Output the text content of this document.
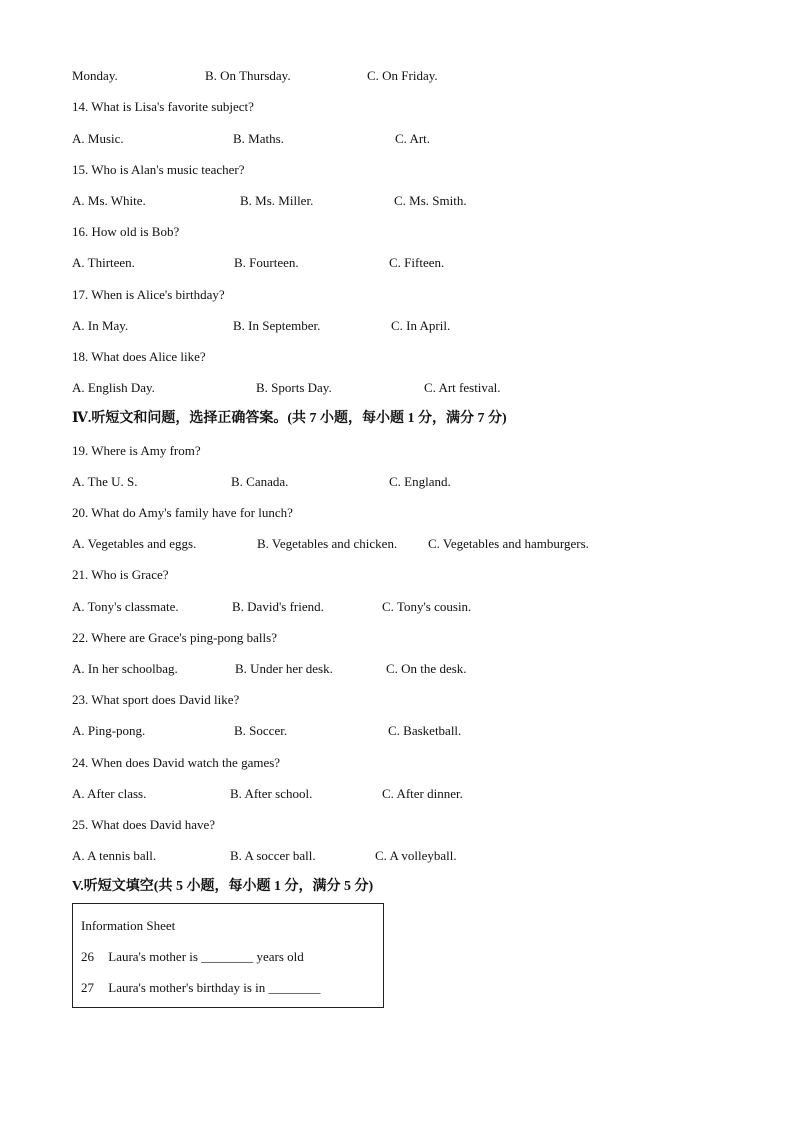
Monday.	B. On Thursday.	C. On Friday.
14. What is Lisa's favorite subject?
A. Music.	B. Maths.	C. Art.
15. Who is Alan's music teacher?
A. Ms. White.	B. Ms. Miller.	C. Ms. Smith.
16. How old is Bob?
A. Thirteen.	B. Fourteen.	C. Fifteen.
17. When is Alice's birthday?
A. In May.	B. In September.	C. In April.
18. What does Alice like?
A. English Day.	B. Sports Day.	C. Art festival.
Ⅳ.听短文和问题，选择正确答案。(共 7 小题，每小题 1 分，满分 7 分)
19. Where is Amy from?
A. The U. S.	B. Canada.	C. England.
20. What do Amy's family have for lunch?
A. Vegetables and eggs.	B. Vegetables and chicken. C. Vegetables and hamburgers.
21. Who is Grace?
A. Tony's classmate.	B. David's friend.	C. Tony's cousin.
22. Where are Grace's ping-pong balls?
A. In her schoolbag.	B. Under her desk.	C. On the desk.
23. What sport does David like?
A. Ping-pong.	B. Soccer.	C. Basketball.
24. When does David watch the games?
A. After class.	B. After school.	C. After dinner.
25. What does David have?
A. A tennis ball.	B. A soccer ball.	C. A volleyball.
V.听短文填空(共 5 小题，每小题 1 分，满分 5 分)
Information Sheet
26 Laura's mother is ________ years old
27 Laura's mother's birthday is in ________
